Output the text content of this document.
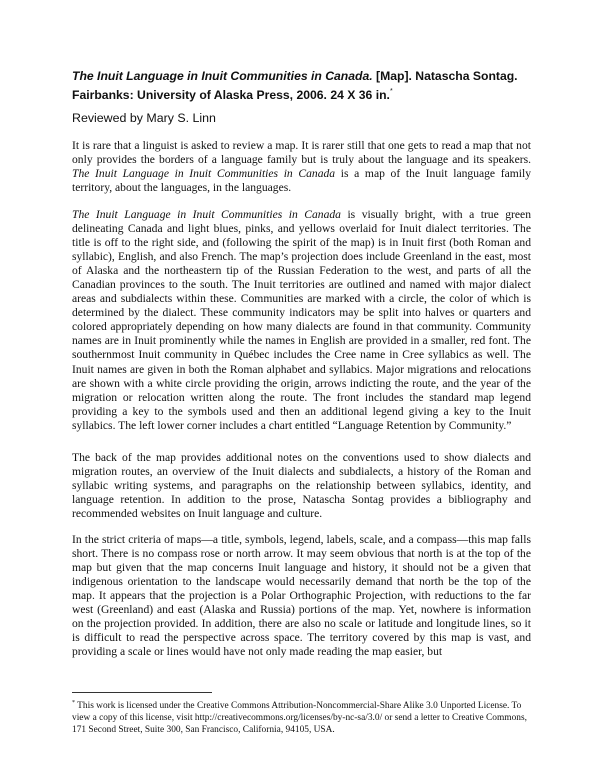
The Inuit Language in Inuit Communities in Canada. [Map]. Natascha Sontag. Fairbanks: University of Alaska Press, 2006. 24 X 36 in.*
Reviewed by Mary S. Linn
It is rare that a linguist is asked to review a map. It is rarer still that one gets to read a map that not only provides the borders of a language family but is truly about the language and its speakers. The Inuit Language in Inuit Communities in Canada is a map of the Inuit language family territory, about the languages, in the languages.
The Inuit Language in Inuit Communities in Canada is visually bright, with a true green delineating Canada and light blues, pinks, and yellows overlaid for Inuit dialect territories. The title is off to the right side, and (following the spirit of the map) is in Inuit first (both Roman and syllabic), English, and also French. The map’s projection does include Greenland in the east, most of Alaska and the northeastern tip of the Russian Federation to the west, and parts of all the Canadian provinces to the south. The Inuit territories are outlined and named with major dialect areas and subdialects within these. Communities are marked with a circle, the color of which is determined by the dialect. These community indicators may be split into halves or quarters and colored appropriately depending on how many dialects are found in that community. Community names are in Inuit prominently while the names in English are provided in a smaller, red font. The southernmost Inuit community in Québec includes the Cree name in Cree syllabics as well. The Inuit names are given in both the Roman alphabet and syllabics. Major migrations and relocations are shown with a white circle providing the origin, arrows indicting the route, and the year of the migration or relocation written along the route. The front includes the standard map legend providing a key to the symbols used and then an additional legend giving a key to the Inuit syllabics. The left lower corner includes a chart entitled “Language Retention by Community.”
The back of the map provides additional notes on the conventions used to show dialects and migration routes, an overview of the Inuit dialects and subdialects, a history of the Roman and syllabic writing systems, and paragraphs on the relationship between syllabics, identity, and language retention. In addition to the prose, Natascha Sontag provides a bibliography and recommended websites on Inuit language and culture.
In the strict criteria of maps—a title, symbols, legend, labels, scale, and a compass—this map falls short. There is no compass rose or north arrow. It may seem obvious that north is at the top of the map but given that the map concerns Inuit language and history, it should not be a given that indigenous orientation to the landscape would necessarily demand that north be the top of the map. It appears that the projection is a Polar Orthographic Projection, with reductions to the far west (Greenland) and east (Alaska and Russia) portions of the map. Yet, nowhere is information on the projection provided. In addition, there are also no scale or latitude and longitude lines, so it is difficult to read the perspective across space. The territory covered by this map is vast, and providing a scale or lines would have not only made reading the map easier, but
* This work is licensed under the Creative Commons Attribution-Noncommercial-Share Alike 3.0 Unported License. To view a copy of this license, visit http://creativecommons.org/licenses/by-nc-sa/3.0/ or send a letter to Creative Commons, 171 Second Street, Suite 300, San Francisco, California, 94105, USA.
